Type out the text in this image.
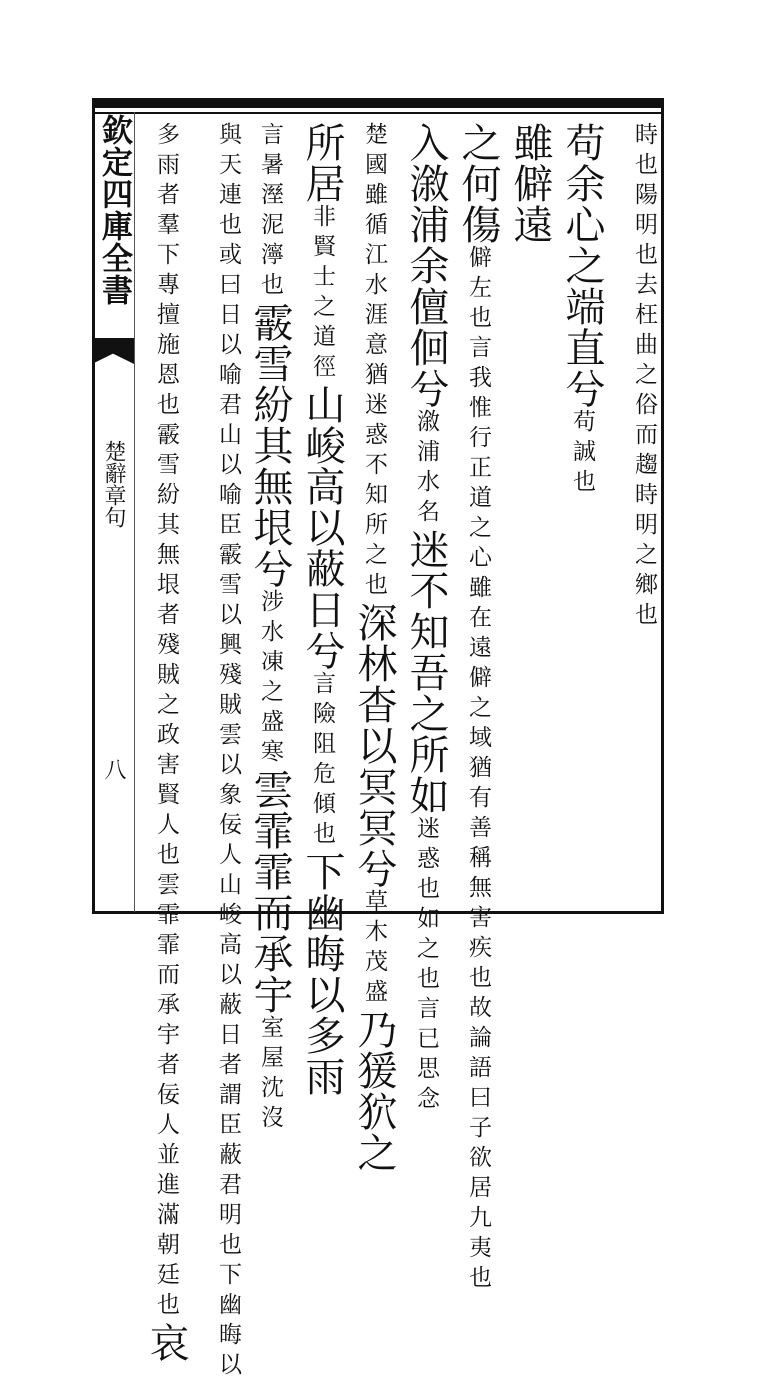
欽定四庫全書
楚辭章句
八
時也陽明也去枉曲之俗而趨時明之鄉也
苟余心之端直兮苟誠也
雖僻遠
之何傷僻左也言我惟行正道之心雖在遠僻之域猶有善稱無害疾也故論語曰子欲居九夷也
入漵浦余儃佪兮漵浦水名迷不知吾之所如迷惑也如之也言已思念
楚國雖循江水涯意猶迷惑不知所之也深林杳以冥冥兮草木茂盛乃猨狖之
所居非賢士之道徑山峻高以蔽日兮言險阻危傾也下幽晦以多雨
言暑溼泥濘也霰雪紛其無垠兮涉水凍之盛寒雲霏霏而承宇室屋沈沒
與天連也或曰日以喻君山以喻臣霰雪以興殘賊雲以象佞人山峻高以蔽日者謂臣蔽君明也下幽晦以
多雨者羣下專擅施恩也霰雪紛其無垠者殘賊之政害賢人也雲霏霏而承宇者佞人並進滿朝廷也哀
